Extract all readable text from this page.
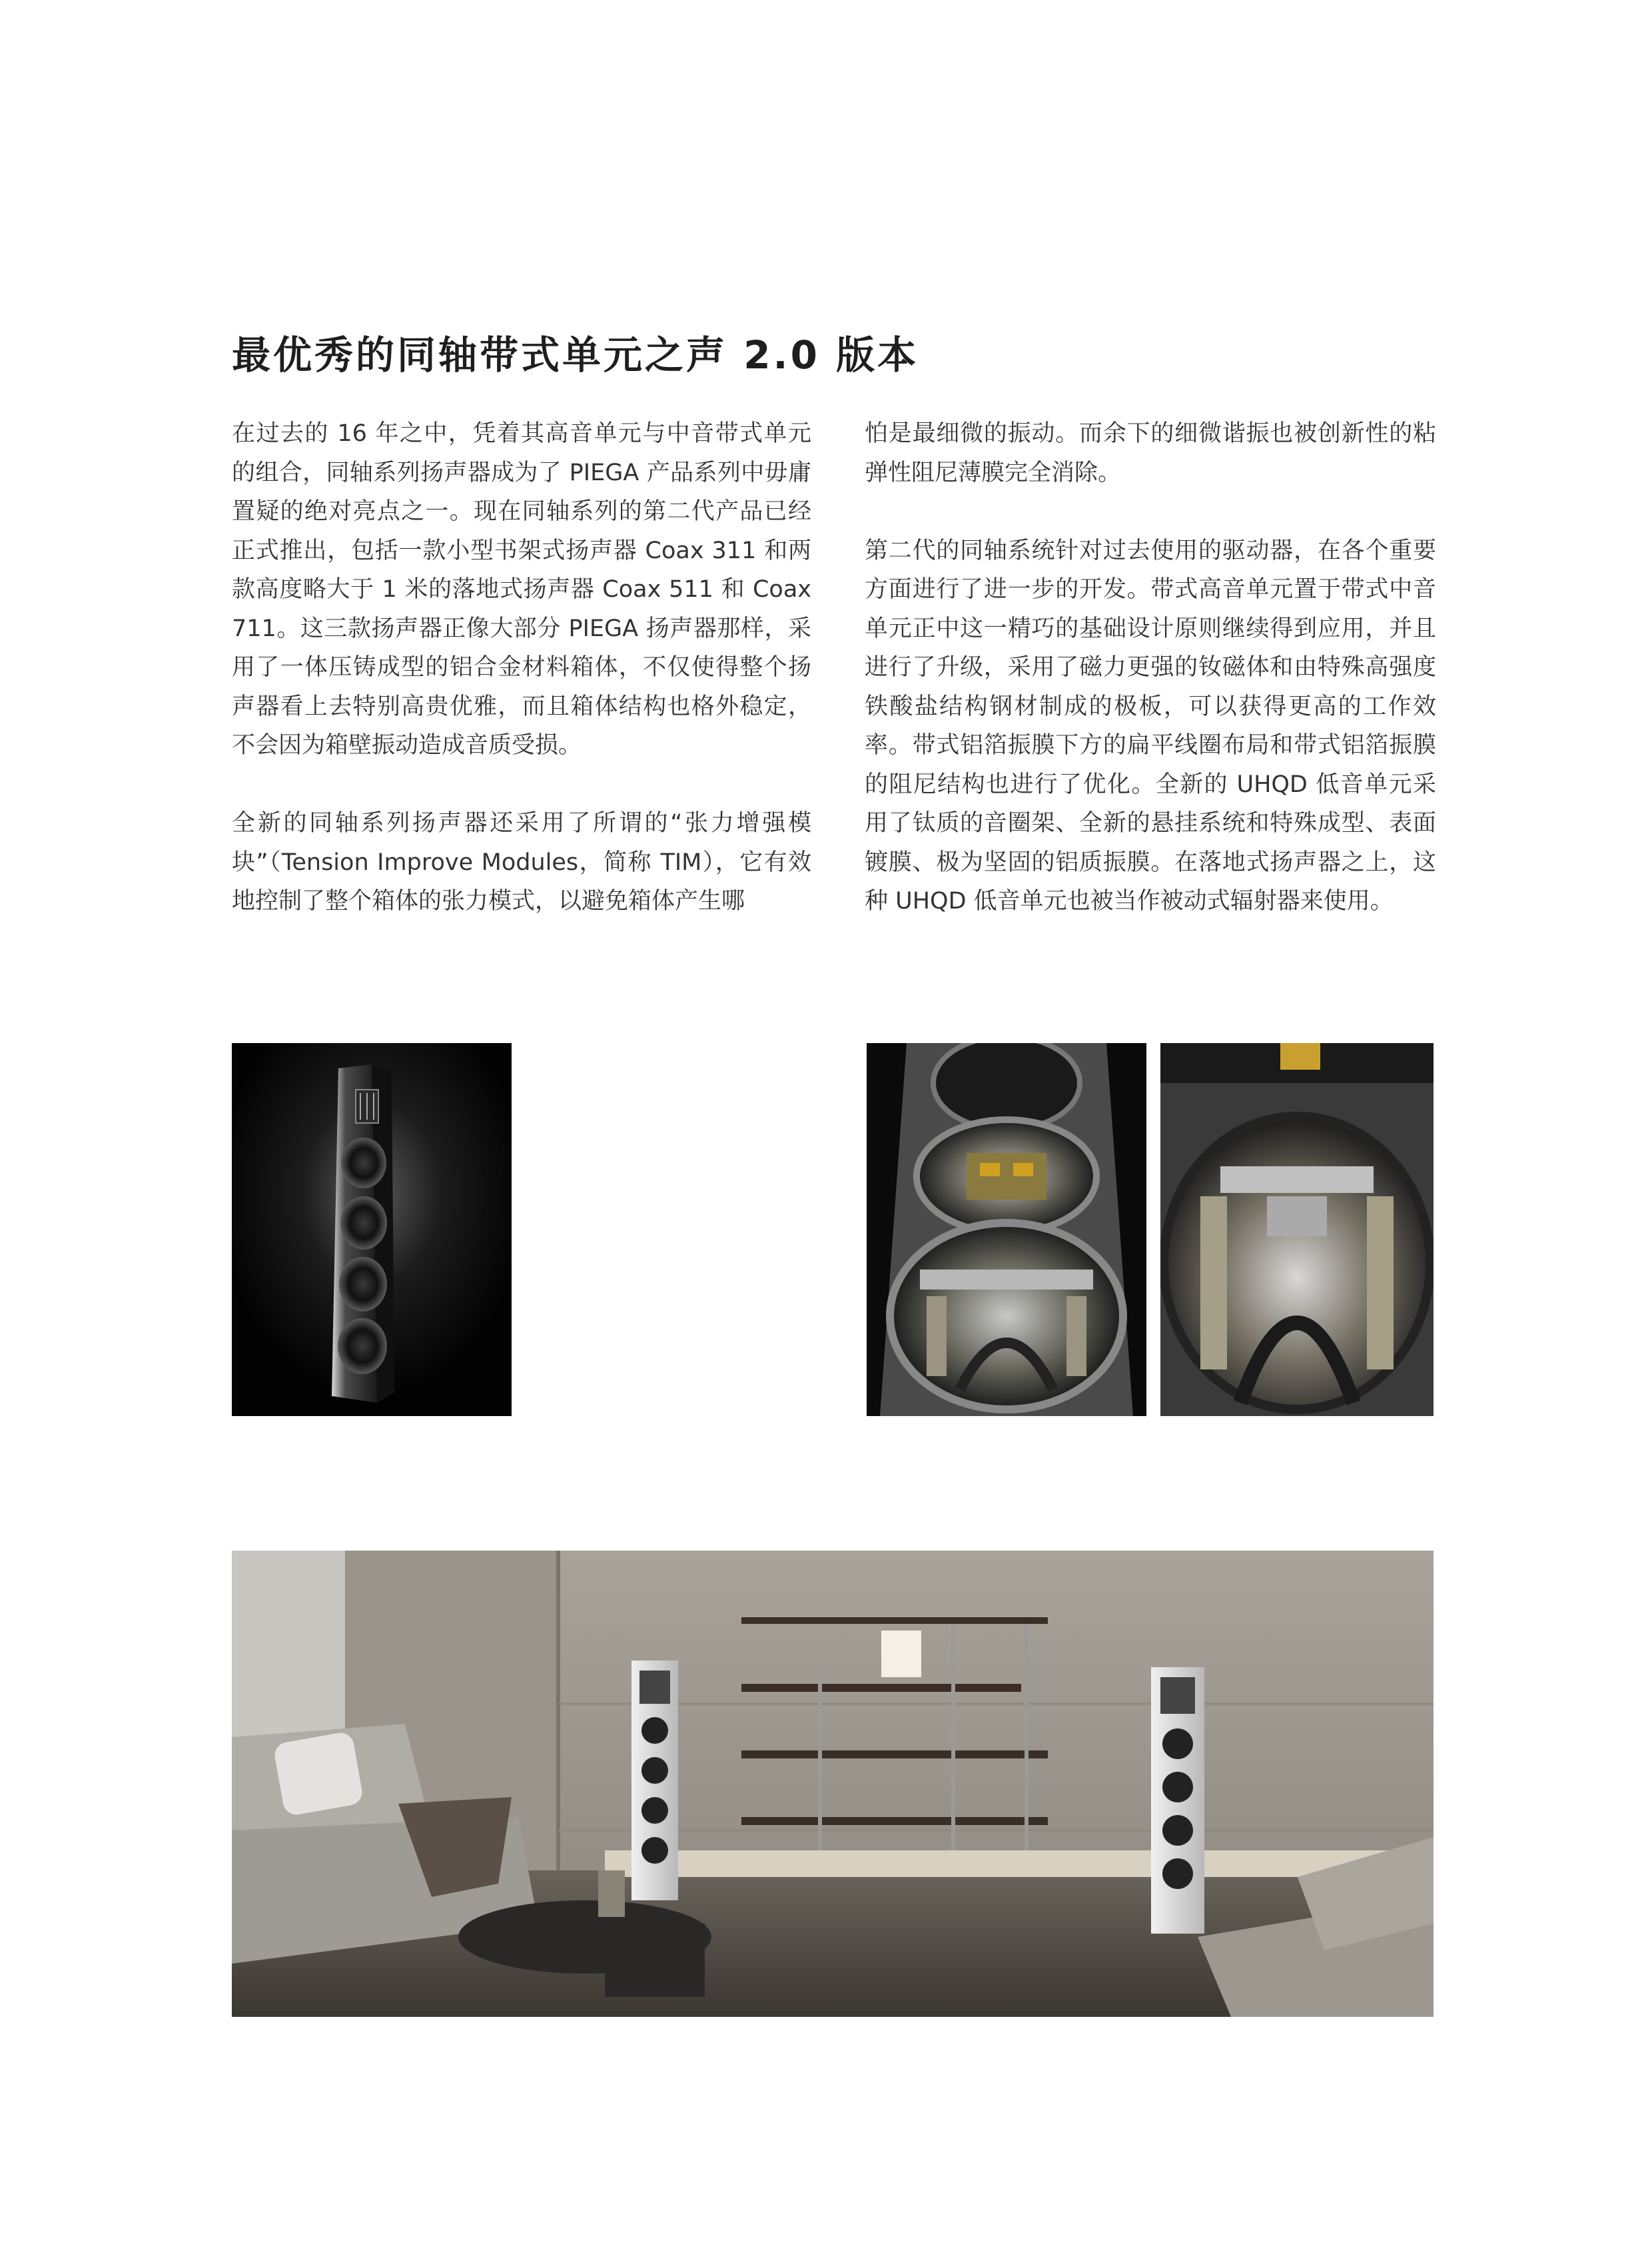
最优秀的同轴带式单元之声 2.0 版本

在过去的 16 年之中，凭着其高音单元与中音带式单元的组合，同轴系列扬声器成为了 PIEGA 产品系列中毋庸置疑的绝对亮点之一。现在同轴系列的第二代产品已经正式推出，包括一款小型书架式扬声器 Coax 311 和两款高度略大于 1 米的落地式扬声器 Coax 511 和 Coax 711。这三款扬声器正像大部分 PIEGA 扬声器那样，采用了一体压铸成型的铝合金材料箱体，不仅使得整个扬声器看上去特别高贵优雅，而且箱体结构也格外稳定，不会因为箱壁振动造成音质受损。

全新的同轴系列扬声器还采用了所谓的“张力增强模块”（Tension Improve Modules，简称 TIM），它有效地控制了整个箱体的张力模式，以避免箱体产生哪

怕是最细微的振动。而余下的细微谐振也被创新性的粘弹性阻尼薄膜完全消除。

第二代的同轴系统针对过去使用的驱动器，在各个重要方面进行了进一步的开发。带式高音单元置于带式中音单元正中这一精巧的基础设计原则继续得到应用，并且进行了升级，采用了磁力更强的钕磁体和由特殊高强度铁酸盐结构钢材制成的极板，可以获得更高的工作效率。带式铝箔振膜下方的扁平线圈布局和带式铝箔振膜的阻尼结构也进行了优化。全新的 UHQD 低音单元采用了钛质的音圈架、全新的悬挂系统和特殊成型、表面镀膜、极为坚固的铝质振膜。在落地式扬声器之上，这种 UHQD 低音单元也被当作被动式辐射器来使用。
